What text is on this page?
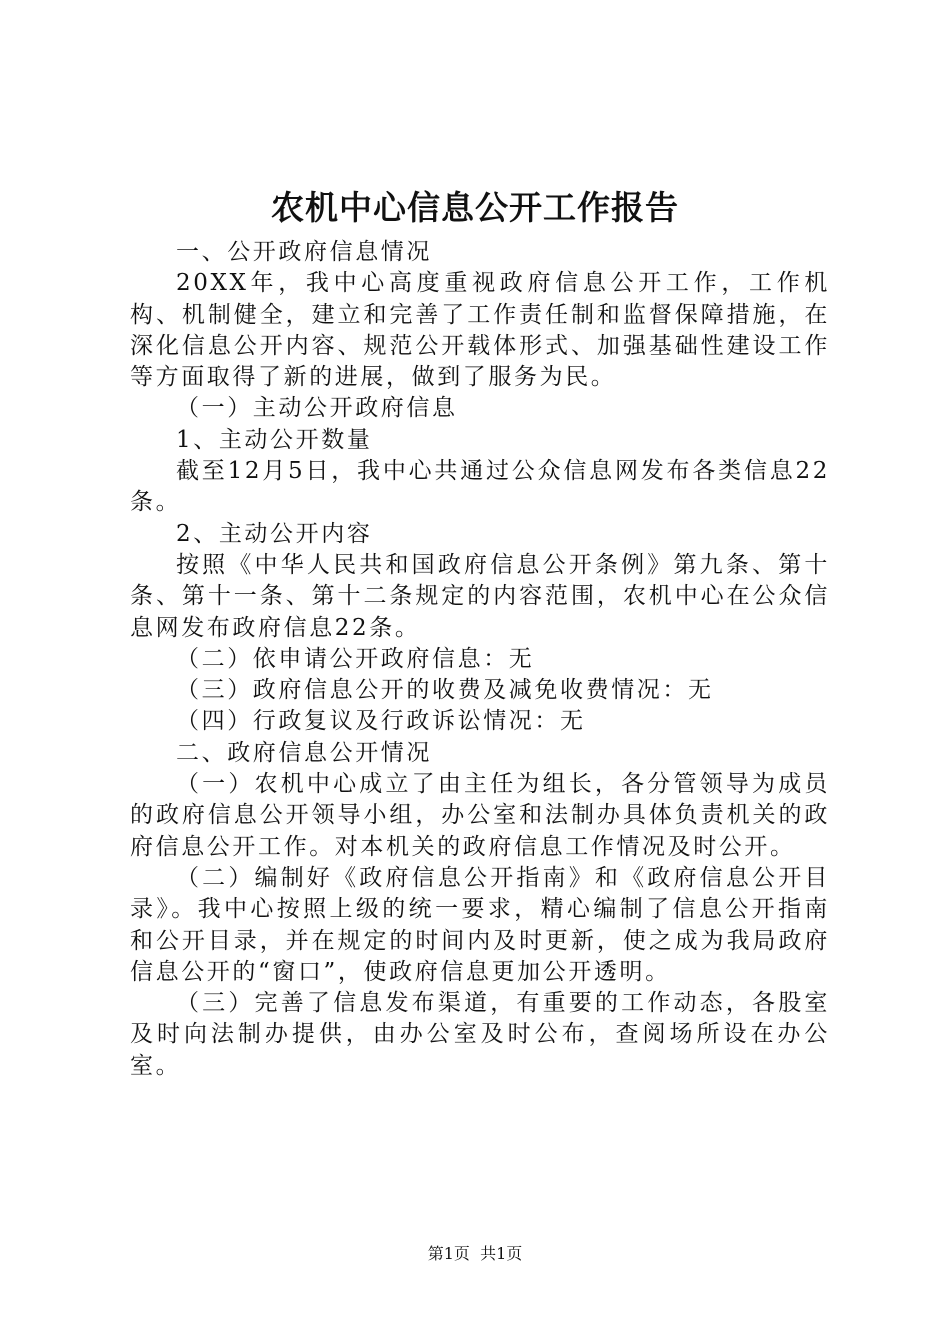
农机中心信息公开工作报告

一、公开政府信息情况

20XX年，我中心高度重视政府信息公开工作，工作机构、机制健全，建立和完善了工作责任制和监督保障措施，在深化信息公开内容、规范公开载体形式、加强基础性建设工作等方面取得了新的进展，做到了服务为民。

（一）主动公开政府信息

1、主动公开数量

截至12月5日，我中心共通过公众信息网发布各类信息22条。

2、主动公开内容

按照《中华人民共和国政府信息公开条例》第九条、第十条、第十一条、第十二条规定的内容范围，农机中心在公众信息网发布政府信息22条。

（二）依申请公开政府信息：无

（三）政府信息公开的收费及减免收费情况：无

（四）行政复议及行政诉讼情况：无

二、政府信息公开情况

（一）农机中心成立了由主任为组长，各分管领导为成员的政府信息公开领导小组，办公室和法制办具体负责机关的政府信息公开工作。对本机关的政府信息工作情况及时公开。

（二）编制好《政府信息公开指南》和《政府信息公开目录》。我中心按照上级的统一要求，精心编制了信息公开指南和公开目录，并在规定的时间内及时更新，使之成为我局政府信息公开的“窗口”，使政府信息更加公开透明。

（三）完善了信息发布渠道，有重要的工作动态，各股室及时向法制办提供，由办公室及时公布，查阅场所设在办公室。

第1页  共1页
